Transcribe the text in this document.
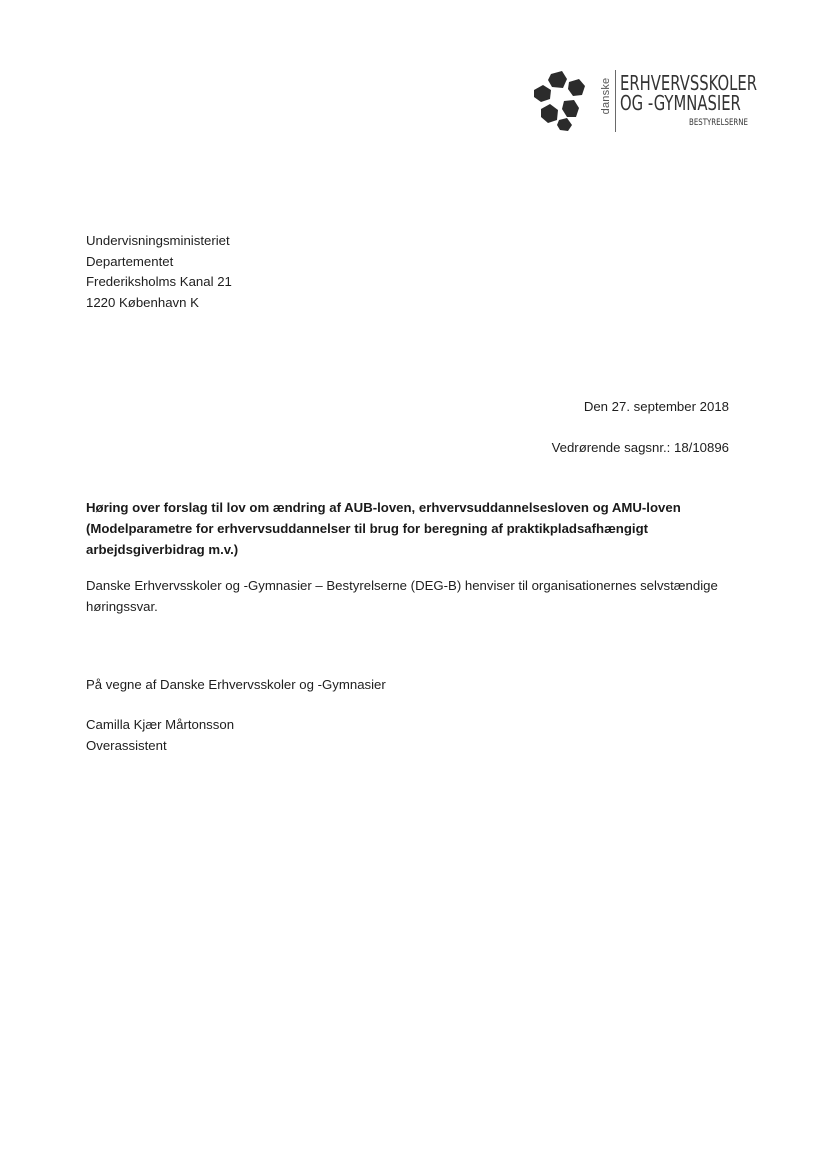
danske ERHVERVSSKOLER
OG -GYMNASIER
BESTYRELSERNE
Undervisningsministeriet
Departementet
Frederiksholms Kanal 21
1220 København K
Den 27. september 2018
Vedrørende sagsnr.: 18/10896
Høring over forslag til lov om ændring af AUB-loven, erhvervsuddannelsesloven og AMU-loven
(Modelparametre for erhvervsuddannelser til brug for beregning af praktikpladsafhængigt
arbejdsgiverbidrag m.v.)
Danske Erhvervsskoler og -Gymnasier – Bestyrelserne (DEG-B) henviser til organisationernes selvstændige
høringssvar.
På vegne af Danske Erhvervsskoler og -Gymnasier
Camilla Kjær Mårtonsson
Overassistent
